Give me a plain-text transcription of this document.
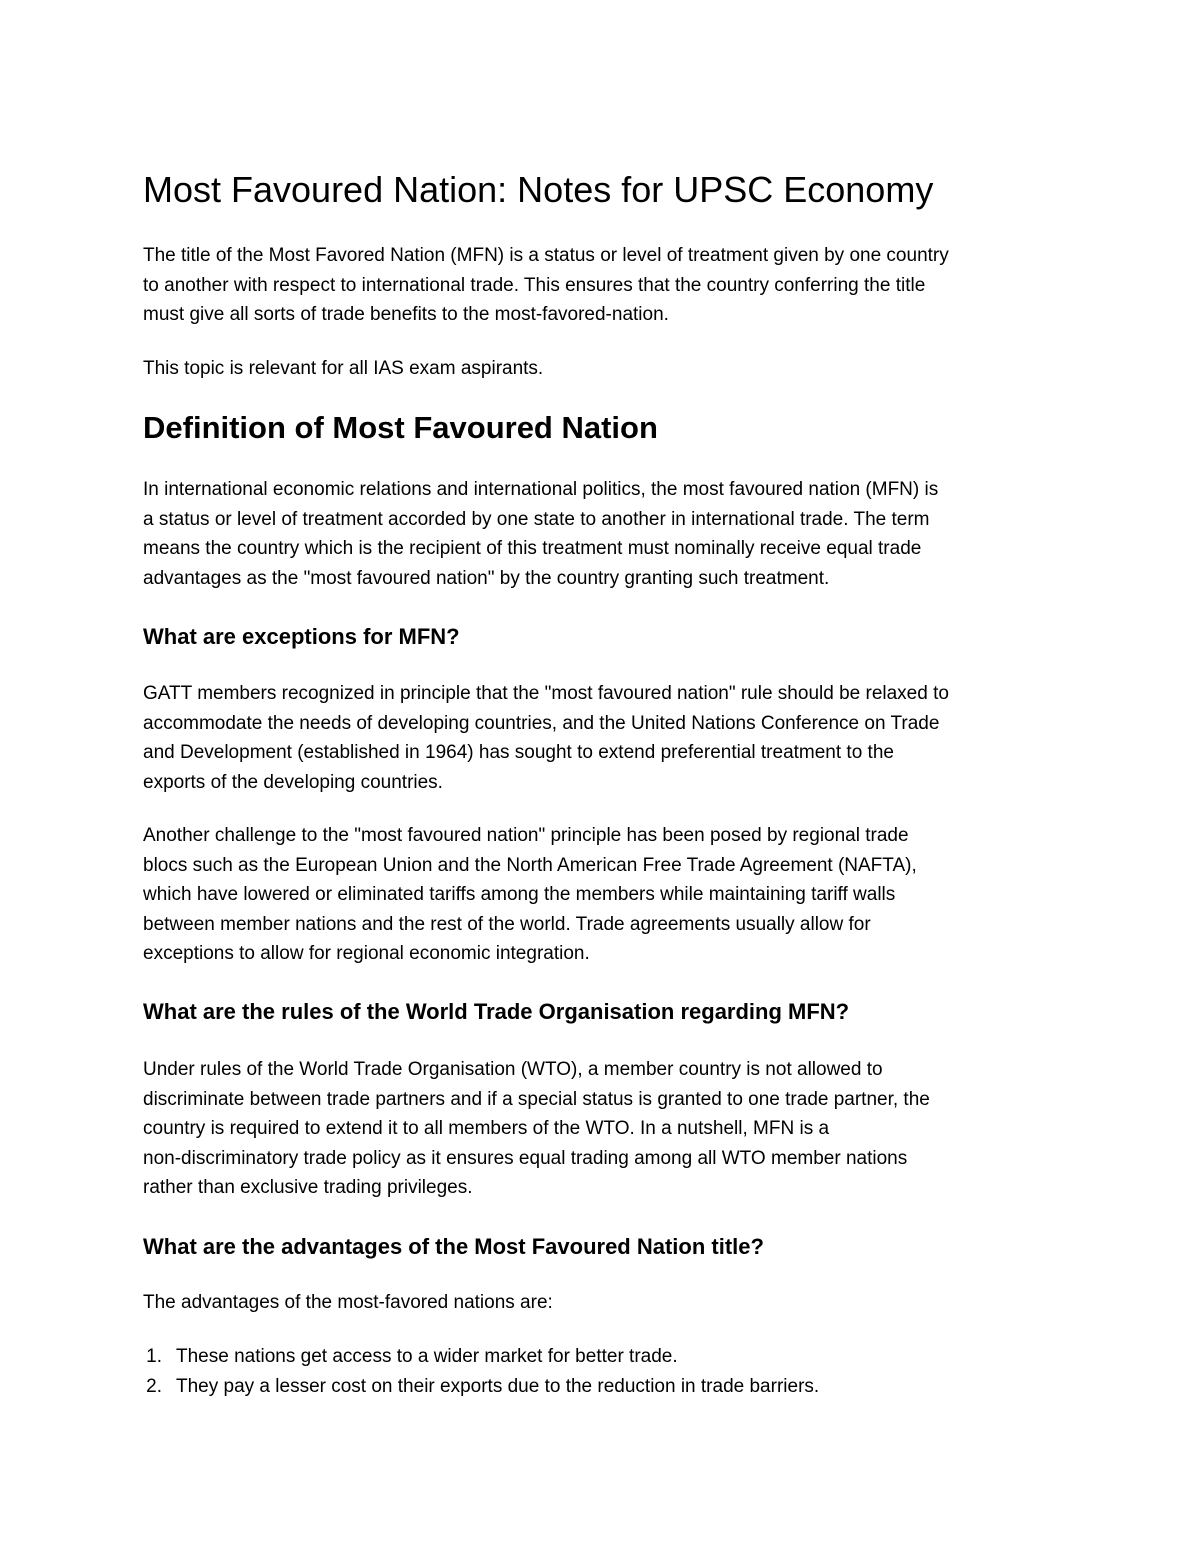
Most Favoured Nation: Notes for UPSC Economy
The title of the Most Favored Nation (MFN) is a status or level of treatment given by one country
to another with respect to international trade. This ensures that the country conferring the title
must give all sorts of trade benefits to the most-favored-nation.
This topic is relevant for all IAS exam aspirants.
Definition of Most Favoured Nation
In international economic relations and international politics, the most favoured nation (MFN) is
a status or level of treatment accorded by one state to another in international trade. The term
means the country which is the recipient of this treatment must nominally receive equal trade
advantages as the "most favoured nation" by the country granting such treatment.
What are exceptions for MFN?
GATT members recognized in principle that the "most favoured nation" rule should be relaxed to
accommodate the needs of developing countries, and the United Nations Conference on Trade
and Development (established in 1964) has sought to extend preferential treatment to the
exports of the developing countries.
Another challenge to the "most favoured nation" principle has been posed by regional trade
blocs such as the European Union and the North American Free Trade Agreement (NAFTA),
which have lowered or eliminated tariffs among the members while maintaining tariff walls
between member nations and the rest of the world. Trade agreements usually allow for
exceptions to allow for regional economic integration.
What are the rules of the World Trade Organisation regarding MFN?
Under rules of the World Trade Organisation (WTO), a member country is not allowed to
discriminate between trade partners and if a special status is granted to one trade partner, the
country is required to extend it to all members of the WTO. In a nutshell, MFN is a
non-discriminatory trade policy as it ensures equal trading among all WTO member nations
rather than exclusive trading privileges.
What are the advantages of the Most Favoured Nation title?
The advantages of the most-favored nations are:
1. These nations get access to a wider market for better trade.
2. They pay a lesser cost on their exports due to the reduction in trade barriers.
